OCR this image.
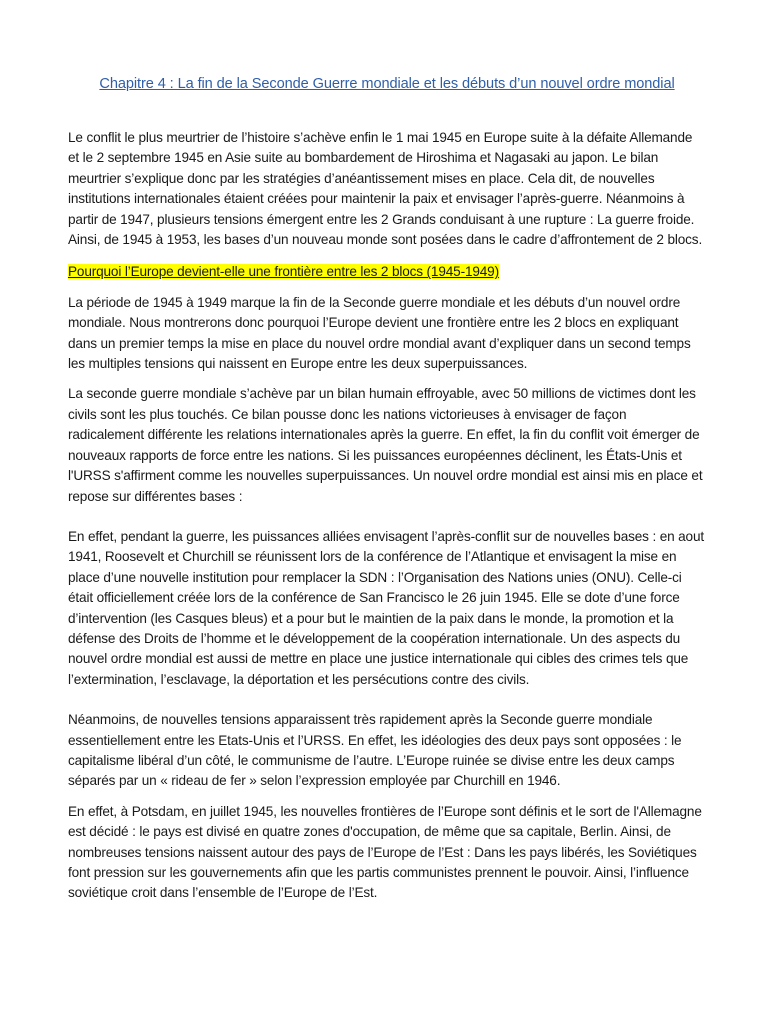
Chapitre 4 : La fin de la Seconde Guerre mondiale et les débuts d’un nouvel ordre mondial

Le conflit le plus meurtrier de l’histoire s’achève enfin le 1 mai 1945 en Europe suite à la défaite Allemande et le 2 septembre 1945 en Asie suite au bombardement de Hiroshima et Nagasaki au japon. Le bilan meurtrier s’explique donc par les stratégies d’anéantissement mises en place. Cela dit, de nouvelles institutions internationales étaient créées pour maintenir la paix et envisager l’après-guerre. Néanmoins à partir de 1947, plusieurs tensions émergent entre les 2 Grands conduisant à une rupture : La guerre froide. Ainsi, de 1945 à 1953, les bases d’un nouveau monde sont posées dans le cadre d’affrontement de 2 blocs.

Pourquoi l’Europe devient-elle une frontière entre les 2 blocs (1945-1949)

La période de 1945 à 1949 marque la fin de la Seconde guerre mondiale et les débuts d’un nouvel ordre mondiale. Nous montrerons donc pourquoi l’Europe devient une frontière entre les 2 blocs en expliquant dans un premier temps la mise en place du nouvel ordre mondial avant d’expliquer dans un second temps les multiples tensions qui naissent en Europe entre les deux superpuissances.

La seconde guerre mondiale s’achève par un bilan humain effroyable, avec 50 millions de victimes dont les civils sont les plus touchés. Ce bilan pousse donc les nations victorieuses à envisager de façon radicalement différente les relations internationales après la guerre. En effet, la fin du conflit voit émerger de nouveaux rapports de force entre les nations. Si les puissances européennes déclinent, les États-Unis et l'URSS s'affirment comme les nouvelles superpuissances. Un nouvel ordre mondial est ainsi mis en place et repose sur différentes bases :

En effet, pendant la guerre, les puissances alliées envisagent l’après-conflit sur de nouvelles bases : en aout 1941, Roosevelt et Churchill se réunissent lors de la conférence de l’Atlantique et envisagent la mise en place d’une nouvelle institution pour remplacer la SDN : l’Organisation des Nations unies (ONU). Celle-ci était officiellement créée lors de la conférence de San Francisco le 26 juin 1945. Elle se dote d’une force d’intervention (les Casques bleus) et a pour but le maintien de la paix dans le monde, la promotion et la défense des Droits de l’homme et le développement de la coopération internationale. Un des aspects du nouvel ordre mondial est aussi de mettre en place une justice internationale qui cibles des crimes tels que l’extermination, l’esclavage, la déportation et les persécutions contre des civils.

Néanmoins, de nouvelles tensions apparaissent très rapidement après la Seconde guerre mondiale essentiellement entre les Etats-Unis et l’URSS. En effet, les idéologies des deux pays sont opposées : le capitalisme libéral d’un côté, le communisme de l’autre. L’Europe ruinée se divise entre les deux camps séparés par un « rideau de fer » selon l’expression employée par Churchill en 1946.

En effet, à Potsdam, en juillet 1945, les nouvelles frontières de l’Europe sont définis et le sort de l'Allemagne est décidé : le pays est divisé en quatre zones d'occupation, de même que sa capitale, Berlin. Ainsi, de nombreuses tensions naissent autour des pays de l’Europe de l’Est : Dans les pays libérés, les Soviétiques font pression sur les gouvernements afin que les partis communistes prennent le pouvoir. Ainsi, l’influence soviétique croit dans l’ensemble de l’Europe de l’Est.
